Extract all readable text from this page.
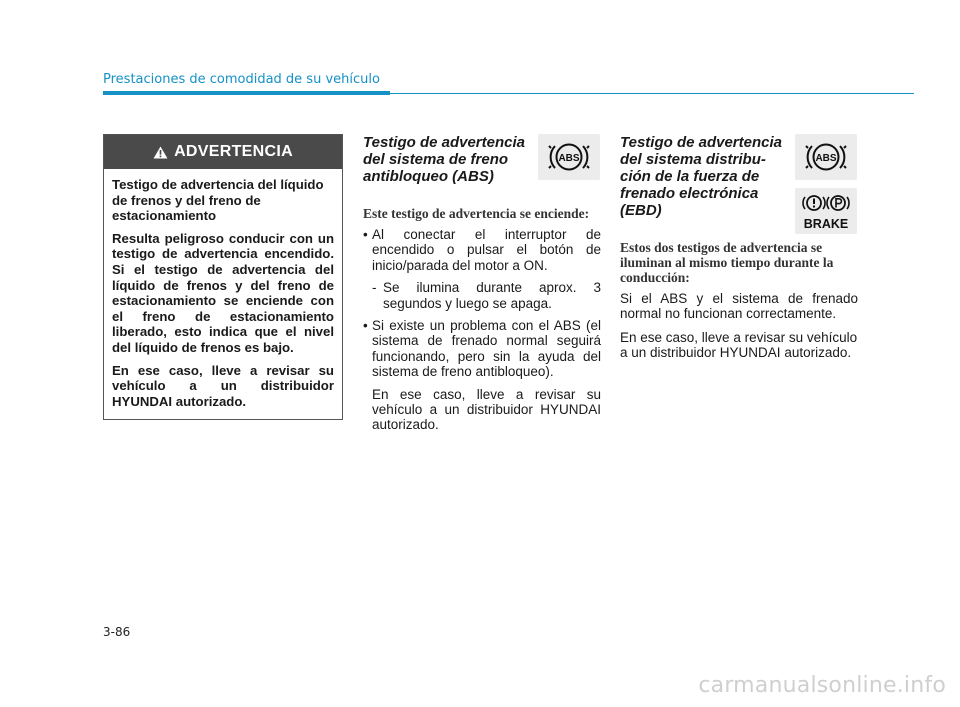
Prestaciones de comodidad de su vehículo
ADVERTENCIA

Testigo de advertencia del líquido de frenos y del freno de estacionamiento

Resulta peligroso conducir con un testigo de advertencia encendido. Si el testigo de advertencia del líquido de frenos y del freno de estacionamiento se enciende con el freno de estacionamiento liberado, esto indica que el nivel del líquido de frenos es bajo.

En ese caso, lleve a revisar su vehículo a un distribuidor HYUNDAI autorizado.

Testigo de advertencia del sistema de freno antibloqueo (ABS)

ABS

Este testigo de advertencia se enciende:

• Al conectar el interruptor de encendido o pulsar el botón de inicio/parada del motor a ON.
- Se ilumina durante aprox. 3 segundos y luego se apaga.
• Si existe un problema con el ABS (el sistema de frenado normal seguirá funcionando, pero sin la ayuda del sistema de freno antibloqueo).

En ese caso, lleve a revisar su vehículo a un distribuidor HYUNDAI autorizado.

Testigo de advertencia del sistema distribu-ción de la fuerza de frenado electrónica (EBD)

ABS
BRAKE

Estos dos testigos de advertencia se iluminan al mismo tiempo durante la conducción:

Si el ABS y el sistema de frenado normal no funcionan correctamente.

En ese caso, lleve a revisar su vehículo a un distribuidor HYUNDAI autorizado.

3-86
carmanualsonline.info
